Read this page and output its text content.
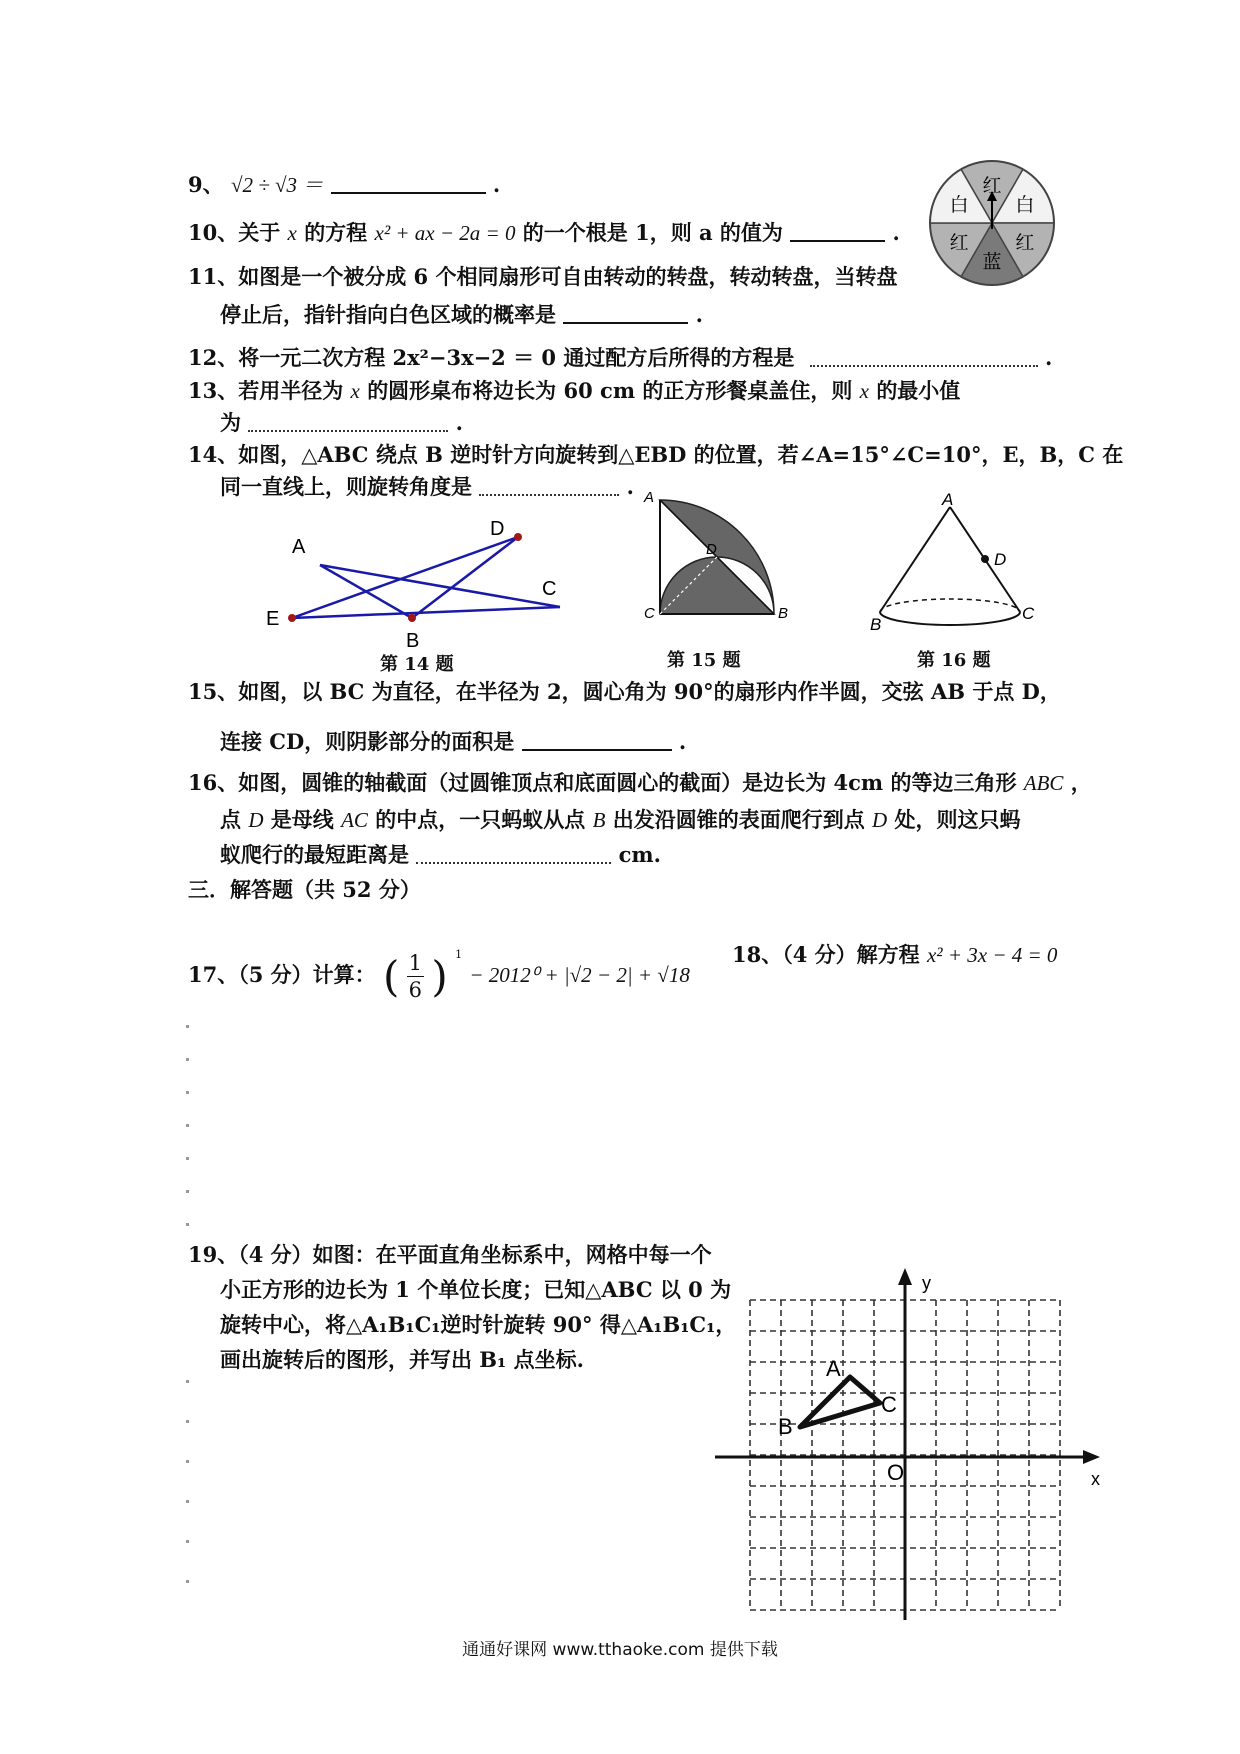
9、 √2 ÷ √3 ＝	.
10、关于 x 的方程 x² + ax − 2a = 0 的一个根是 1，则 a 的值为	.
11、如图是一个被分成 6 个相同扇形可自由转动的转盘，转动转盘，当转盘
停止后，指针指向白色区域的概率是	.
红
白
红
蓝
红
白
12、将一元二次方程 2x²−3x−2 ＝ 0 通过配方后所得的方程是	.
13、若用半径为 x 的圆形桌布将边长为 60 cm 的正方形餐桌盖住，则 x 的最小值
为	.
14、如图，△ABC 绕点 B 逆时针方向旋转到△EBD 的位置，若∠A=15°∠C=10°，E，B，C 在
同一直线上，则旋转角度是	.
A
B
C
D
E
A
B
C
D
A
B
C
D
第 14 题	第 15 题	第 16 题
15、如图，以 BC 为直径，在半径为 2，圆心角为 90°的扇形内作半圆，交弦 AB 于点 D，
连接 CD，则阴影部分的面积是	.
16、如图，圆锥的轴截面（过圆锥顶点和底面圆心的截面）是边长为 4cm 的等边三角形 ABC ，
点 D 是母线 AC 的中点，一只蚂蚁从点 B 出发沿圆锥的表面爬行到点 D 处，则这只蚂
蚁爬行的最短距离是	cm.
三．解答题（共 52 分）
17、（5 分）计算： ( $\frac{1}{6}$ ) $^1$ − 2012⁰ + |√2 − 2| + √18
18、（4 分）解方程 x² + 3x − 4 = 0
19、（4 分）如图：在平面直角坐标系中，网格中每一个
小正方形的边长为 1 个单位长度；已知△ABC 以 0 为
旋转中心，将△A₁B₁C₁逆时针旋转 90° 得△A₁B₁C₁，
画出旋转后的图形，并写出 B₁ 点坐标.
y
x
O
A
B
C
通通好课网 www.tthaoke.com 提供下载
